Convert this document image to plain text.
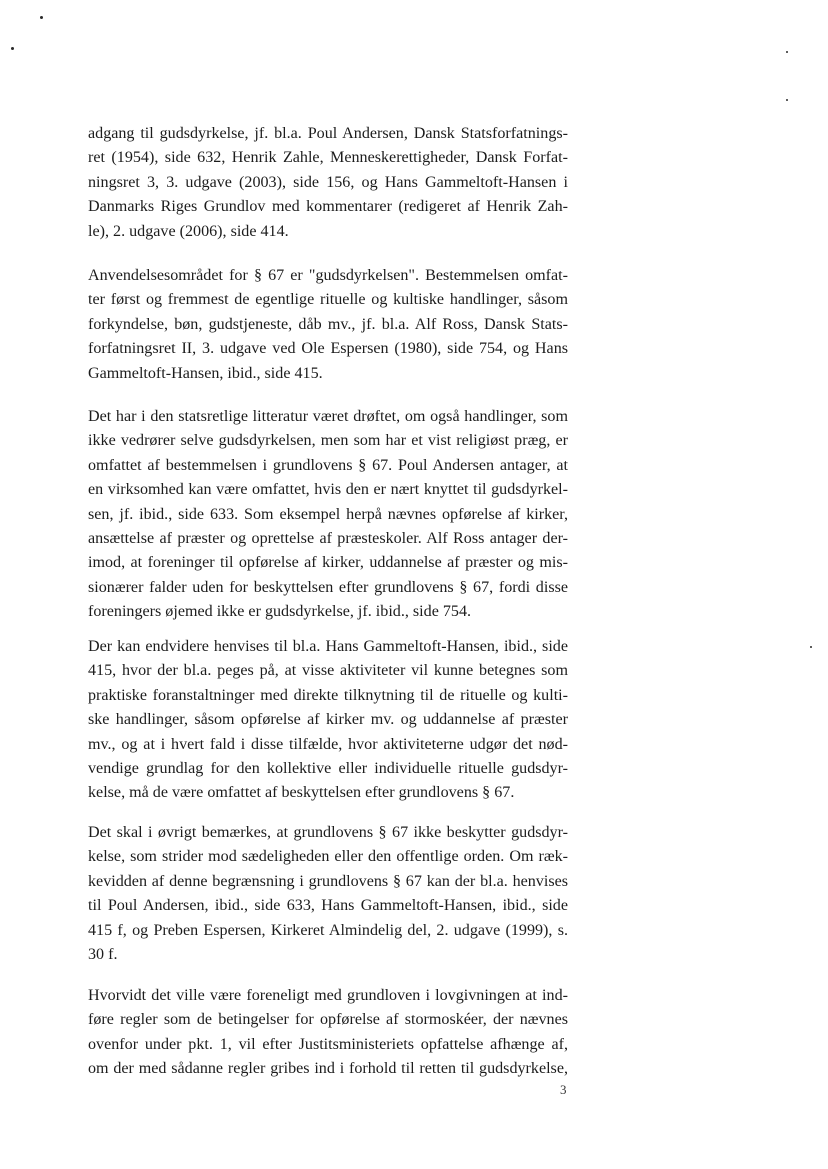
adgang til gudsdyrkelse, jf. bl.a. Poul Andersen, Dansk Statsforfatnings-
ret (1954), side 632, Henrik Zahle, Menneskerettigheder, Dansk Forfat-
ningsret 3, 3. udgave (2003), side 156, og Hans Gammeltoft-Hansen i
Danmarks Riges Grundlov med kommentarer (redigeret af Henrik Zah-
le), 2. udgave (2006), side 414.
Anvendelsesområdet for § 67 er "gudsdyrkelsen". Bestemmelsen omfat-
ter først og fremmest de egentlige rituelle og kultiske handlinger, såsom
forkyndelse, bøn, gudstjeneste, dåb mv., jf. bl.a. Alf Ross, Dansk Stats-
forfatningsret II, 3. udgave ved Ole Espersen (1980), side 754, og Hans
Gammeltoft-Hansen, ibid., side 415.
Det har i den statsretlige litteratur været drøftet, om også handlinger, som
ikke vedrører selve gudsdyrkelsen, men som har et vist religiøst præg, er
omfattet af bestemmelsen i grundlovens § 67. Poul Andersen antager, at
en virksomhed kan være omfattet, hvis den er nært knyttet til gudsdyrkel-
sen, jf. ibid., side 633. Som eksempel herpå nævnes opførelse af kirker,
ansættelse af præster og oprettelse af præsteskoler. Alf Ross antager der-
imod, at foreninger til opførelse af kirker, uddannelse af præster og mis-
sionærer falder uden for beskyttelsen efter grundlovens § 67, fordi disse
foreningers øjemed ikke er gudsdyrkelse, jf. ibid., side 754.
Der kan endvidere henvises til bl.a. Hans Gammeltoft-Hansen, ibid., side
415, hvor der bl.a. peges på, at visse aktiviteter vil kunne betegnes som
praktiske foranstaltninger med direkte tilknytning til de rituelle og kulti-
ske handlinger, såsom opførelse af kirker mv. og uddannelse af præster
mv., og at i hvert fald i disse tilfælde, hvor aktiviteterne udgør det nød-
vendige grundlag for den kollektive eller individuelle rituelle gudsdyr-
kelse, må de være omfattet af beskyttelsen efter grundlovens § 67.
Det skal i øvrigt bemærkes, at grundlovens § 67 ikke beskytter gudsdyr-
kelse, som strider mod sædeligheden eller den offentlige orden. Om ræk-
kevidden af denne begrænsning i grundlovens § 67 kan der bl.a. henvises
til Poul Andersen, ibid., side 633, Hans Gammeltoft-Hansen, ibid., side
415 f, og Preben Espersen, Kirkeret Almindelig del, 2. udgave (1999), s.
30 f.
Hvorvidt det ville være foreneligt med grundloven i lovgivningen at ind-
føre regler som de betingelser for opførelse af stormoskéer, der nævnes
ovenfor under pkt. 1, vil efter Justitsministeriets opfattelse afhænge af,
om der med sådanne regler gribes ind i forhold til retten til gudsdyrkelse,
3
